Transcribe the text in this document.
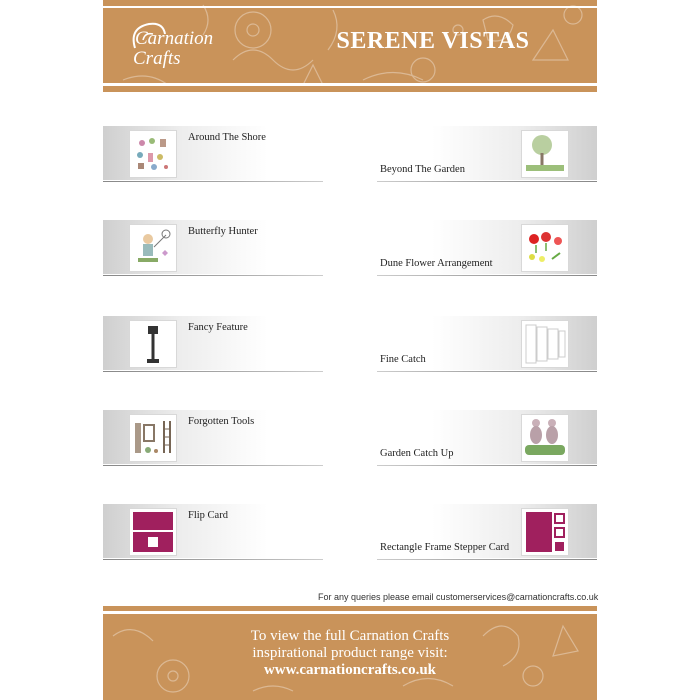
Carnation
Crafts
SERENE VISTAS
Around The Shore
Butterfly Hunter
Fancy Feature
Forgotten Tools
Flip Card
Beyond The Garden
Dune Flower Arrangement
Fine Catch
Garden Catch Up
Rectangle Frame Stepper Card
For any queries please email customerservices@carnationcrafts.co.uk
To view the full Carnation Crafts
inspirational product range visit:
www.carnationcrafts.co.uk
